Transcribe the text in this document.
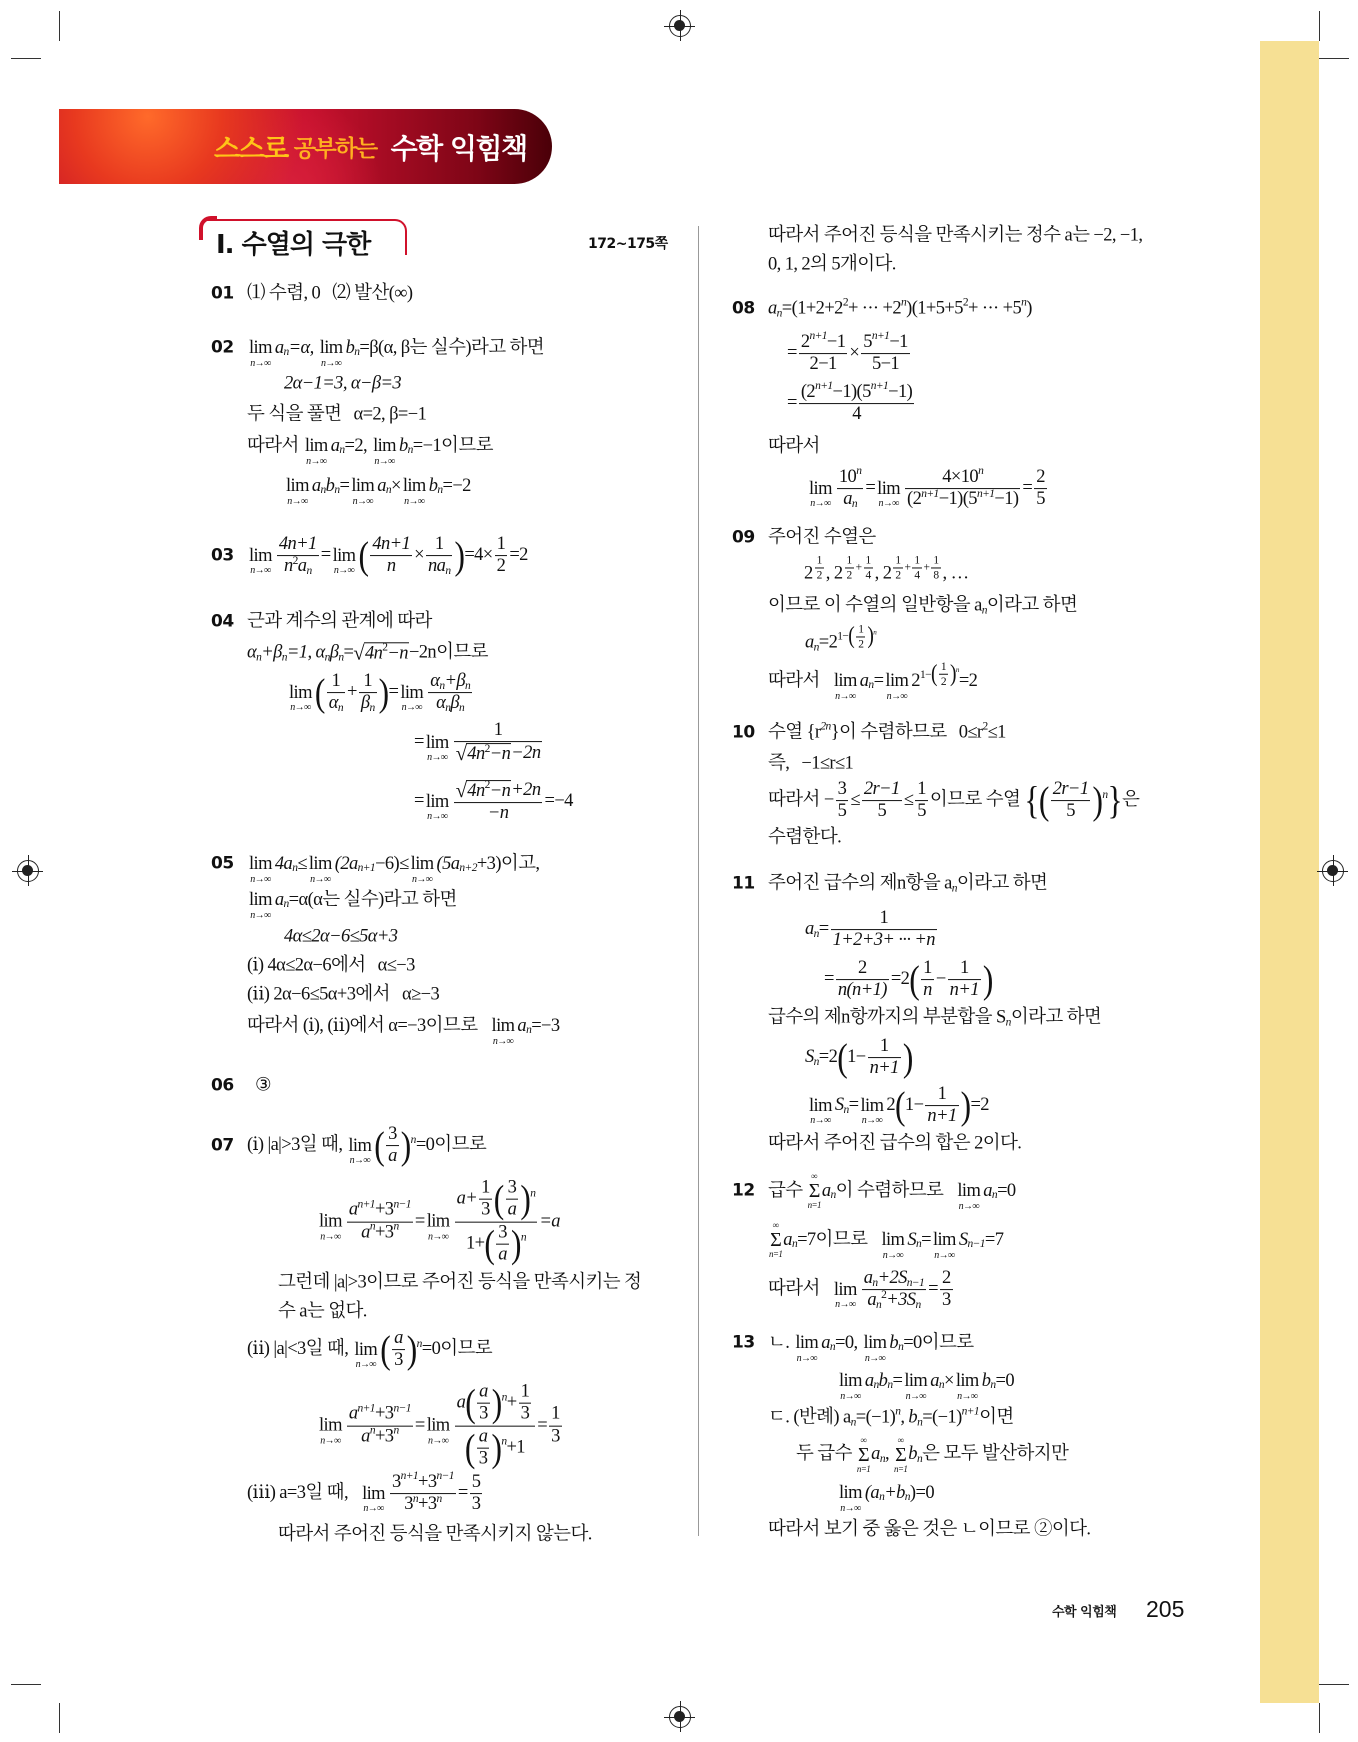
스스로 공부하는 수학 익힘책
Ⅰ. 수열의 극한	172~175쪽	따라서 주어진 등식을 만족시키는 정수 a는 −2, −1,
0, 1, 2의 5개이다.
01 ⑴ 수렴, 0   ⑵ 발산(∞)
02 lim
n→∞
a n =α, lim
n→∞
b n =β(α, β는 실수)라고 하면
2α−1=3, α−β=3
두 식을 풀면   α=2, β=−1
따라서 lim
n→∞
a n =2, lim
n→∞
b n =−1이므로
lim
n→∞
a n b n = lim
n→∞
a n × lim
n→∞
b n =−2
03 lim
$n\to\infty \frac{4n+1}{\text{n 2 a n}} = \lim$
n→∞ ( $\frac{4n+1}{n} \times \frac{1}{\text{na n}}$ ) $=4\times \frac{1}{2} =2$
04 근과 계수의 관계에 따라
α n +β n =1, α n β n = √ 4n 2 −n −2n이므로
lim
n→∞ ( $\frac{1}{\text{α n}} + \frac{1}{\text{β n}}$ ) = lim
$n\to\infty \frac{\text{α n +β n}}{\text{α n β n}}$
= lim
$n\to\infty \frac{1}{√ 4n 2 -n -2n}$
= lim
$n\to\infty \frac{√ 4n 2 -n +2n}{-n} =-4$
05 lim
n→∞
4a n ≤ lim
n→∞
(2a n+1 −6)≤ lim
n→∞
(5a n+2 +3)이고,
lim
n→∞
a n =α(α는 실수)라고 하면
4α≤2α−6≤5α+3
(ⅰ) 4α≤2α−6에서   α≤−3
(ⅱ) 2α−6≤5α+3에서   α≥−3
따라서 (ⅰ), (ⅱ)에서 α=−3이므로 lim
n→∞
a n =−3
06 ③
07 (ⅰ) |a|>3일 때, lim
n→∞ ( $\frac{3}{a}$ ) n =0이므로
lim
$n\to\infty \frac{\text{a n+1 +3 n−1}}{\text{a n +3 n}} = \lim$
$n\to\infty \frac{a+ \frac{1}{3} ( \frac{3}{a} ) n}{1+ ( \frac{3}{a} ) n} =a$
그런데 |a|>3이므로 주어진 등식을 만족시키는 정
수 a는 없다.
(ⅱ) |a|<3일 때, lim
n→∞ ( $\frac{a}{3}$ ) n =0이므로
lim
$n\to\infty \frac{\text{a n+1 +3 n−1}}{\text{a n +3 n}} = \lim$
$n\to\infty \frac{a ( \frac{a}{3} ) n + \frac{1}{3}}{( \frac{a}{3} ) n +1} = \frac{1}{3}$
(ⅲ) a=3일 때, lim
$n\to\infty \frac{3 n+1 +3 n-1}{3 n +3 n} = \frac{5}{3}$
따라서 주어진 등식을 만족시키지 않는다.
08 a n =(1+2+2 2 + ··· +2 n )(1+5+5 2 + ··· +5 n )
= $\frac{2 n+1 -1}{2-1} \times \frac{5 n+1 -1}{5-1}$
= $\frac{(2 n+1 -1)(5 n+1 -1)}{4}$
따라서
lim
$n\to\infty \frac{10 n}{\text{a n}} = \lim$
$n\to\infty \frac{4\times 10 n}{(2 n+1 -1)(5 n+1 -1)} = \frac{2}{5}$
09 주어진 수열은
$2 \frac{1}{2}$ , $2 \frac{1}{2} + \frac{1}{4}$ , $2 \frac{1}{2} + \frac{1}{4} + \frac{1}{8}$ , …
이므로 이 수열의 일반항을 a n 이라고 하면
a n =2 1− ( $\frac{1}{2}$ ) n
따라서 lim
n→∞
a n = lim
n→∞
2 1− ( $\frac{1}{2}$ ) n
=2
10 수열 {r 2n }이 수렴하므로   0≤r 2 ≤1
즉,   −1≤r≤1
따라서 − $\frac{3}{5} \le \frac{2r-1}{5} \le \frac{1}{5}$ 이므로 수열 { ( $\frac{2r-1}{5}$ ) n } 은
수렴한다.
11 주어진 급수의 제n항을 a n 이라고 하면
a $n = \frac{1}{1+2+3+ \cdot\cdot\cdot +n}$
= $\frac{2}{n(n+1)} =2$ ( $\frac{1}{n} - \frac{1}{n+1}$ )
급수의 제n항까지의 부분합을 S n 이라고 하면
S n =2 ( $1- \frac{1}{n+1}$ )
lim
n→∞
S n = lim
n→∞
2 ( $1- \frac{1}{n+1}$ ) =2
따라서 주어진 급수의 합은 2이다.
12 급수
∞
Σ
n=1
a n 이 수렴하므로 lim
n→∞
a n =0
∞
Σ
n=1
a n =7이므로 lim
n→∞
S n = lim
n→∞
S n−1 =7
따라서 lim
n→∞ a n +2S n−1
a n
2 +3S $n = \frac{2}{3}$
13 ㄴ. lim
n→∞
a n =0, lim
n→∞
b n =0이므로
lim
n→∞
a n b n = lim
n→∞
a n × lim
n→∞
b n =0
ㄷ. (반례) a n =(−1) n , b n =(−1) n+1 이면
두 급수
∞
Σ
n=1
a n ,
∞
Σ
n=1
b n 은 모두 발산하지만
lim
n→∞
(a n +b n )=0
따라서 보기 중 옳은 것은 ㄴ이므로 ②이다.
수학 익힘책 205
